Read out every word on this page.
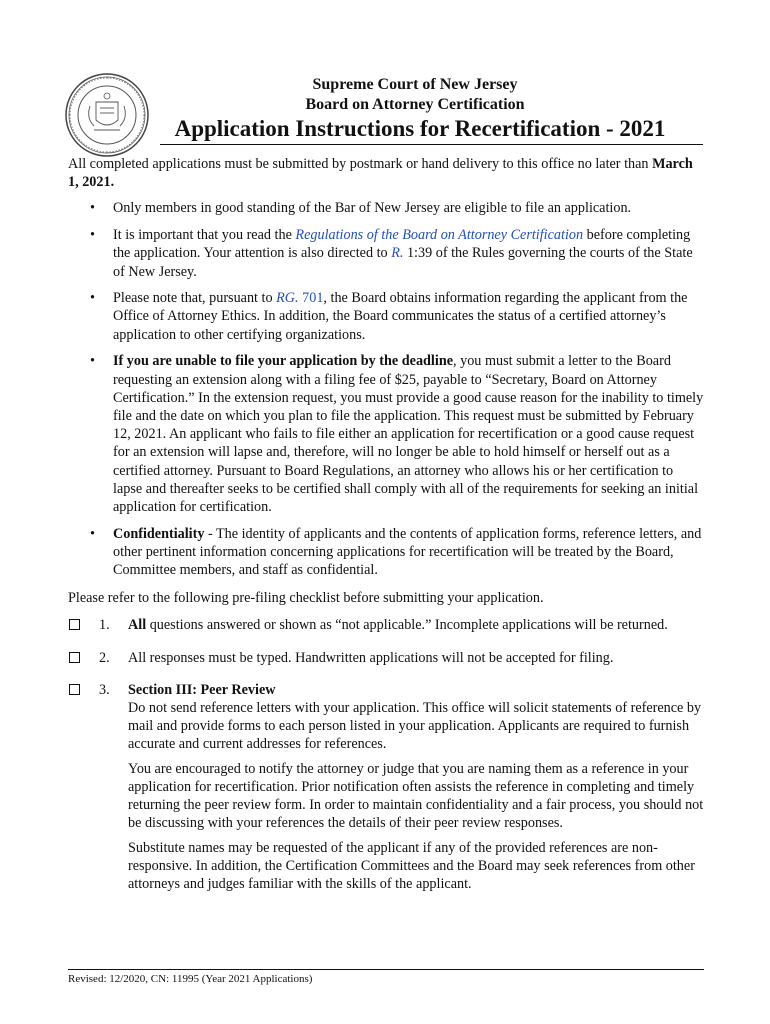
Supreme Court of New Jersey
Board on Attorney Certification
Application Instructions for Recertification - 2021

All completed applications must be submitted by postmark or hand delivery to this office no later than March 1, 2021.

• Only members in good standing of the Bar of New Jersey are eligible to file an application.
• It is important that you read the Regulations of the Board on Attorney Certification before completing the application. Your attention is also directed to R. 1:39 of the Rules governing the courts of the State of New Jersey.
• Please note that, pursuant to RG. 701, the Board obtains information regarding the applicant from the Office of Attorney Ethics. In addition, the Board communicates the status of a certified attorney’s application to other certifying organizations.
• If you are unable to file your application by the deadline, you must submit a letter to the Board requesting an extension along with a filing fee of $25, payable to “Secretary, Board on Attorney Certification.” In the extension request, you must provide a good cause reason for the inability to timely file and the date on which you plan to file the application. This request must be submitted by February 12, 2021. An applicant who fails to file either an application for recertification or a good cause request for an extension will lapse and, therefore, will no longer be able to hold himself or herself out as a certified attorney. Pursuant to Board Regulations, an attorney who allows his or her certification to lapse and thereafter seeks to be certified shall comply with all of the requirements for seeking an initial application for certification.
• Confidentiality - The identity of applicants and the contents of application forms, reference letters, and other pertinent information concerning applications for recertification will be treated by the Board, Committee members, and staff as confidential.

Please refer to the following pre-filing checklist before submitting your application.

1. All questions answered or shown as “not applicable.” Incomplete applications will be returned.
2. All responses must be typed. Handwritten applications will not be accepted for filing.
3. Section III: Peer Review

Do not send reference letters with your application. This office will solicit statements of reference by mail and provide forms to each person listed in your application. Applicants are required to furnish accurate and current addresses for references.

You are encouraged to notify the attorney or judge that you are naming them as a reference in your application for recertification. Prior notification often assists the reference in completing and timely returning the peer review form. In order to maintain confidentiality and a fair process, you should not be discussing with your references the details of their peer review responses.

Substitute names may be requested of the applicant if any of the provided references are non-responsive. In addition, the Certification Committees and the Board may seek references from other attorneys and judges familiar with the skills of the applicant.

Revised: 12/2020, CN: 11995 (Year 2021 Applications)
